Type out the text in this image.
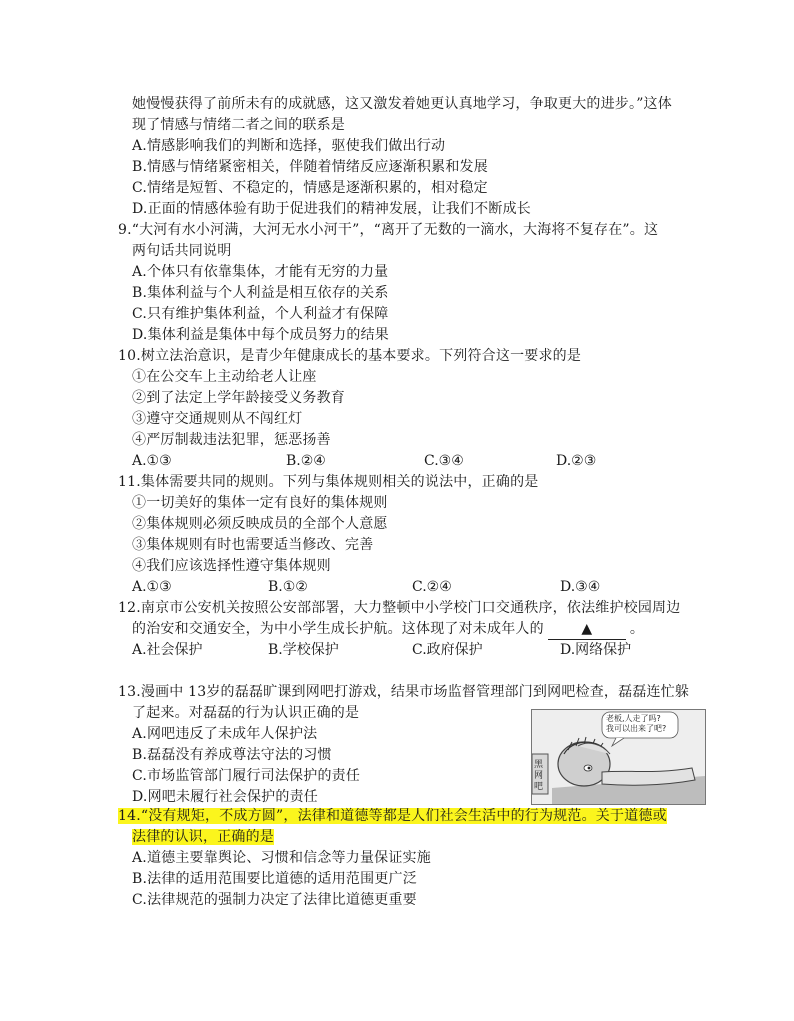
她慢慢获得了前所未有的成就感，这又激发着她更认真地学习，争取更大的进步。”这体
现了情感与情绪二者之间的联系是
A.情感影响我们的判断和选择，驱使我们做出行动
B.情感与情绪紧密相关，伴随着情绪反应逐渐积累和发展
C.情绪是短暂、不稳定的，情感是逐渐积累的，相对稳定
D.正面的情感体验有助于促进我们的精神发展，让我们不断成长
9.“大河有水小河满，大河无水小河干”，“离开了无数的一滴水，大海将不复存在”。这
两句话共同说明
A.个体只有依靠集体，才能有无穷的力量
B.集体利益与个人利益是相互依存的关系
C.只有维护集体利益，个人利益才有保障
D.集体利益是集体中每个成员努力的结果
10.树立法治意识，是青少年健康成长的基本要求。下列符合这一要求的是
①在公交车上主动给老人让座
②到了法定上学年龄接受义务教育
③遵守交通规则从不闯红灯
④严厉制裁违法犯罪，惩恶扬善
A.①③	B.②④	C.③④	D.②③
11.集体需要共同的规则。下列与集体规则相关的说法中，正确的是
①一切美好的集体一定有良好的集体规则
②集体规则必须反映成员的全部个人意愿
③集体规则有时也需要适当修改、完善
④我们应该选择性遵守集体规则
A.①③	B.①②	C.②④	D.③④
12.南京市公安机关按照公安部部署，大力整顿中小学校门口交通秩序，依法维护校园周边
的治安和交通安全，为中小学生成长护航。这体现了对未成年人的	▲	。
A.社会保护	B.学校保护	C.政府保护	D.网络保护
13.漫画中 13岁的磊磊旷课到网吧打游戏，结果市场监督管理部门到网吧检查，磊磊连忙躲
了起来。对磊磊的行为认识正确的是
A.网吧违反了未成年人保护法
B.磊磊没有养成尊法守法的习惯
C.市场监管部门履行司法保护的责任
D.网吧未履行社会保护的责任
老板,人走了吗?
我可以出来了吧?
黑网吧
14.“没有规矩，不成方圆”，法律和道德等都是人们社会生活中的行为规范。关于道德或
法律的认识，正确的是
A.道德主要靠舆论、习惯和信念等力量保证实施
B.法律的适用范围要比道德的适用范围更广泛
C.法律规范的强制力决定了法律比道德更重要
